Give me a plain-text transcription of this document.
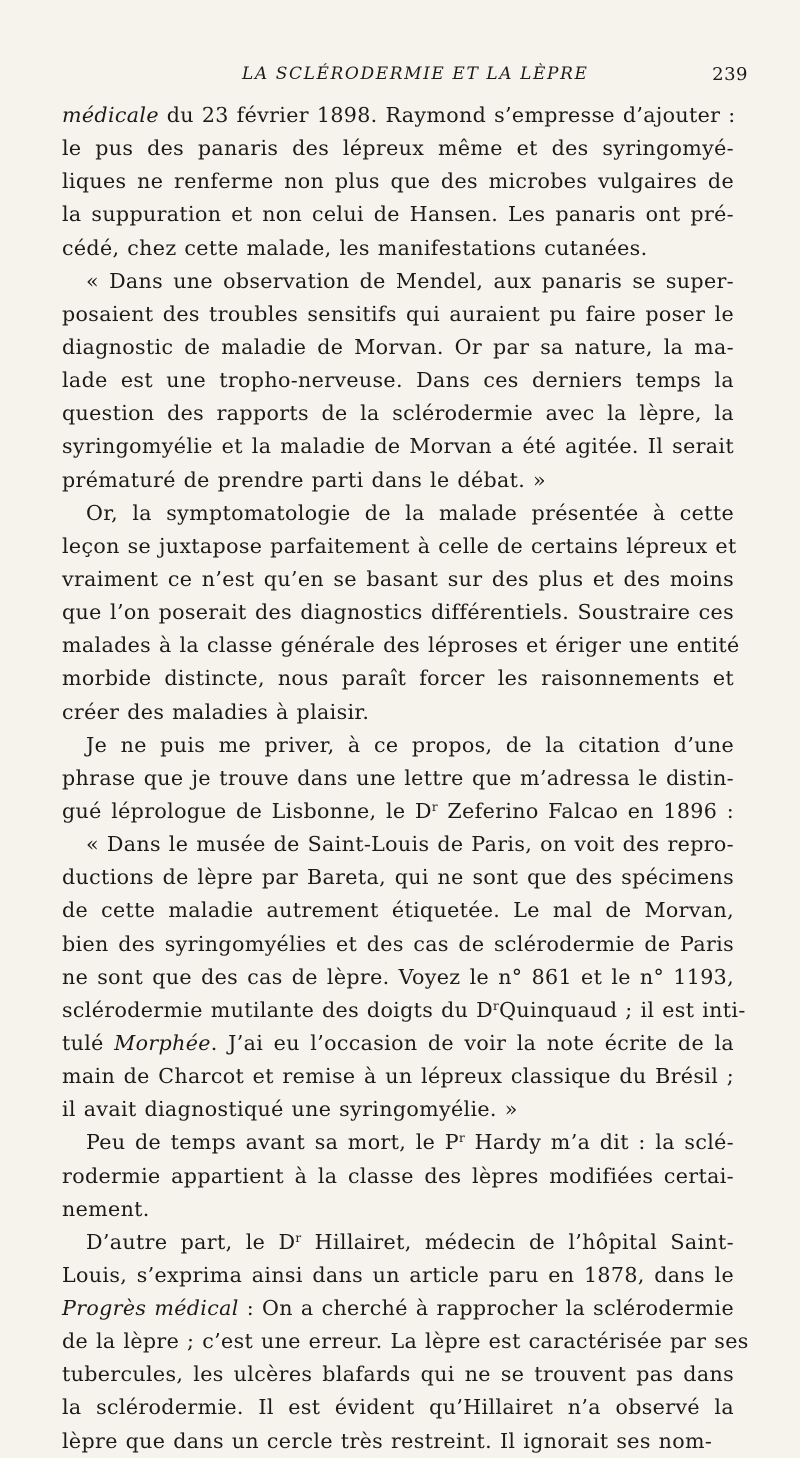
LA SCLÉRODERMIE ET LA LÈPRE	239
médicale du 23 février 1898. Raymond s’empresse d’ajouter :
le pus des panaris des lépreux même et des syringomyé-
liques ne renferme non plus que des microbes vulgaires de
la suppuration et non celui de Hansen. Les panaris ont pré-
cédé, chez cette malade, les manifestations cutanées.
« Dans une observation de Mendel, aux panaris se super-
posaient des troubles sensitifs qui auraient pu faire poser le
diagnostic de maladie de Morvan. Or par sa nature, la ma-
lade est une tropho-nerveuse. Dans ces derniers temps la
question des rapports de la sclérodermie avec la lèpre, la
syringomyélie et la maladie de Morvan a été agitée. Il serait
prématuré de prendre parti dans le débat. »
Or, la symptomatologie de la malade présentée à cette
leçon se juxtapose parfaitement à celle de certains lépreux et
vraiment ce n’est qu’en se basant sur des plus et des moins
que l’on poserait des diagnostics différentiels. Soustraire ces
malades à la classe générale des léproses et ériger une entité
morbide distincte, nous paraît forcer les raisonnements et
créer des maladies à plaisir.
Je ne puis me priver, à ce propos, de la citation d’une
phrase que je trouve dans une lettre que m’adressa le distin-
gué léprologue de Lisbonne, le $D^r$ Zeferino Falcao en 1896 :
« Dans le musée de Saint-Louis de Paris, on voit des repro-
ductions de lèpre par Bareta, qui ne sont que des spécimens
de cette maladie autrement étiquetée. Le mal de Morvan,
bien des syringomyélies et des cas de sclérodermie de Paris
ne sont que des cas de lèpre. Voyez le n° 861 et le n° 1193,
sclérodermie mutilante des doigts du $D^rQuinquaud$ ; il est inti-
tulé Morphée. J’ai eu l’occasion de voir la note écrite de la
main de Charcot et remise à un lépreux classique du Brésil ;
il avait diagnostiqué une syringomyélie. »
Peu de temps avant sa mort, le $P^r$ Hardy m’a dit : la sclé-
rodermie appartient à la classe des lèpres modifiées certai-
nement.
D’autre part, le $D^r$ Hillairet, médecin de l’hôpital Saint-
Louis, s’exprima ainsi dans un article paru en 1878, dans le
Progrès médical : On a cherché à rapprocher la sclérodermie
de la lèpre ; c’est une erreur. La lèpre est caractérisée par ses
tubercules, les ulcères blafards qui ne se trouvent pas dans
la sclérodermie. Il est évident qu’Hillairet n’a observé la
lèpre que dans un cercle très restreint. Il ignorait ses nom-
